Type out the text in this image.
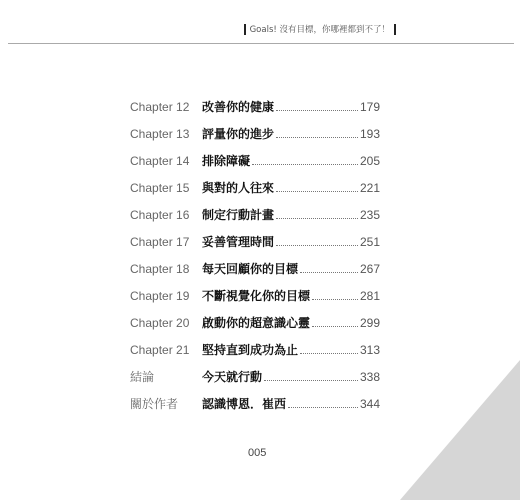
Goals! 沒有目標，你哪裡都到不了！
Chapter 12	改善你的健康	179
Chapter 13	評量你的進步	193
Chapter 14	排除障礙	205
Chapter 15	與對的人往來	221
Chapter 16	制定行動計畫	235
Chapter 17	妥善管理時間	251
Chapter 18	每天回顧你的目標	267
Chapter 19	不斷視覺化你的目標	281
Chapter 20	啟動你的超意識心靈	299
Chapter 21	堅持直到成功為止	313
結論	今天就行動	338
關於作者	認識博恩．崔西	344
005
